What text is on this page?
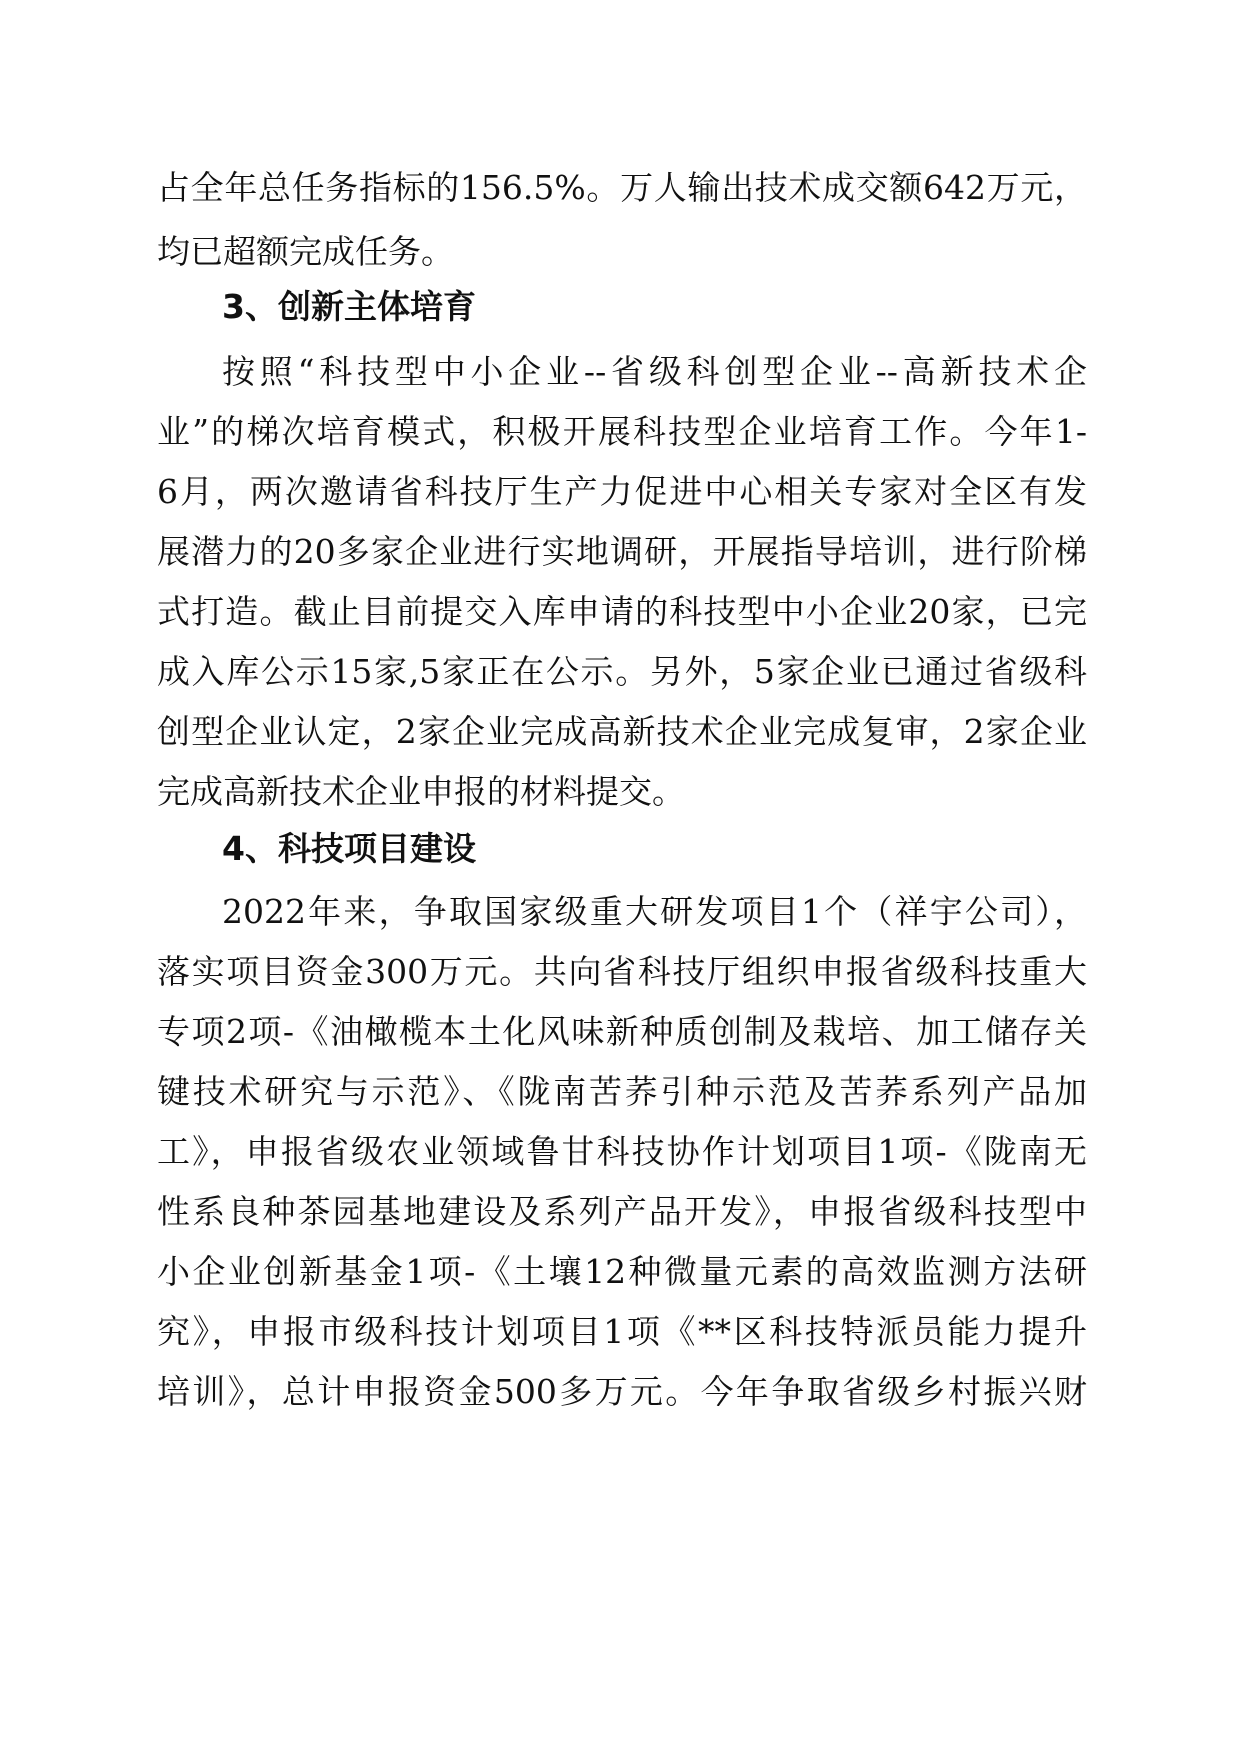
占全年总任务指标的156.5%。万人输出技术成交额642万元，
均已超额完成任务。
3、创新主体培育
按照“科技型中小企业--省级科创型企业--高新技术企
业”的梯次培育模式，积极开展科技型企业培育工作。今年1-
6月，两次邀请省科技厅生产力促进中心相关专家对全区有发
展潜力的20多家企业进行实地调研，开展指导培训，进行阶梯
式打造。截止目前提交入库申请的科技型中小企业20家，已完
成入库公示15家,5家正在公示。另外，5家企业已通过省级科
创型企业认定，2家企业完成高新技术企业完成复审，2家企业
完成高新技术企业申报的材料提交。
4、科技项目建设
2022年来，争取国家级重大研发项目1个（祥宇公司），
落实项目资金300万元。共向省科技厅组织申报省级科技重大
专项2项-《油橄榄本土化风味新种质创制及栽培、加工储存关
键技术研究与示范》、《陇南苦荞引种示范及苦荞系列产品加
工》，申报省级农业领域鲁甘科技协作计划项目1项-《陇南无
性系良种茶园基地建设及系列产品开发》，申报省级科技型中
小企业创新基金1项-《土壤12种微量元素的高效监测方法研
究》，申报市级科技计划项目1项《**区科技特派员能力提升
培训》，总计申报资金500多万元。今年争取省级乡村振兴财
